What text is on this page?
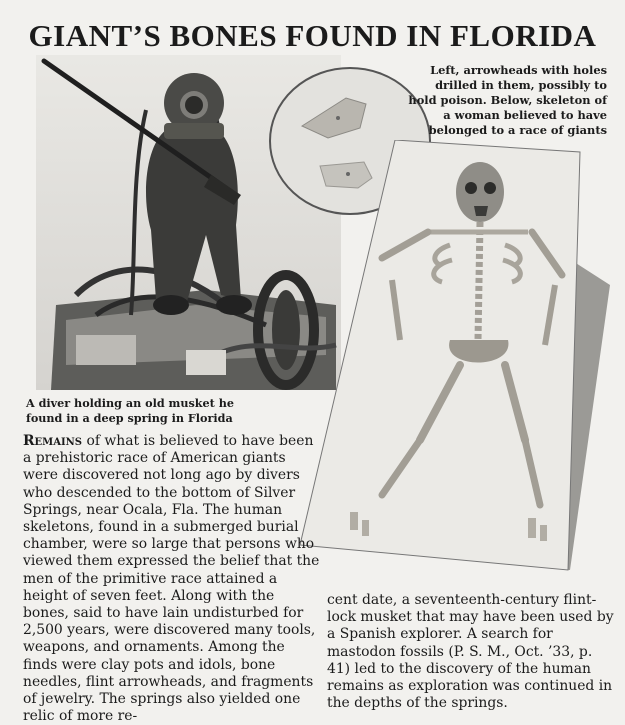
GIANT’S BONES FOUND IN FLORIDA
Left, arrowheads with holes drilled in them, possibly to hold poison. Below, skeleton of a woman believed to have belonged to a race of giants
A diver holding an old musket he
found in a deep spring in Florida

Remains of what is believed to have been a prehistoric race of American giants were discovered not long ago by divers who descended to the bottom of Silver Springs, near Ocala, Fla. The human skeletons, found in a submerged burial chamber, were so large that persons who viewed them expressed the belief that the men of the primitive race attained a height of seven feet. Along with the bones, said to have lain undisturbed for 2,500 years, were discovered many tools, weapons, and ornaments. Among the finds were clay pots and idols, bone needles, flint arrowheads, and fragments of jewelry. The springs also yielded one relic of more re-

cent date, a seventeenth-century flint-lock musket that may have been used by a Spanish explorer. A search for mastodon fossils (P. S. M., Oct. ’33, p. 41) led to the discovery of the human remains as exploration was continued in the depths of the springs.
